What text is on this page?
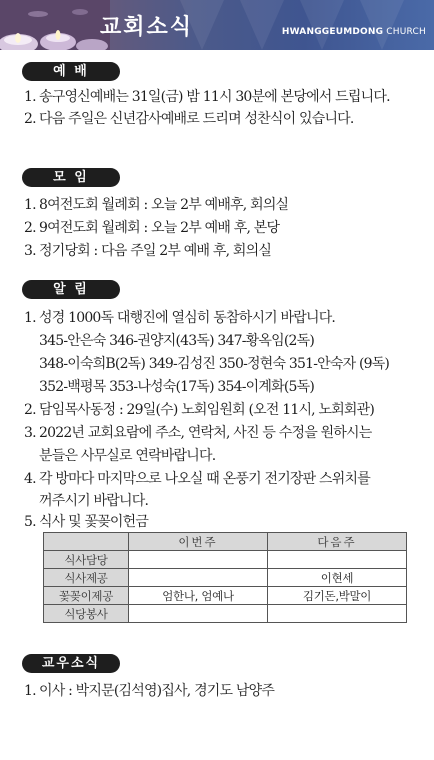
교회소식	HWANGGEUMDONG CHURCH
예 배
1. 송구영신예배는 31일(금) 밤 11시 30분에 본당에서 드립니다.
2. 다음 주일은 신년감사예배로 드리며 성찬식이 있습니다.
모 임
1. 8여전도회 월례회 : 오늘 2부 예배후, 회의실
2. 9여전도회 월례회 : 오늘 2부 예배 후, 본당
3. 정기당회 : 다음 주일 2부 예배 후, 회의실
알 림
1. 성경 1000독 대행진에 열심히 동참하시기 바랍니다.
345-안은숙 346-권양지(43독) 347-황옥임(2독)
348-이숙희B(2독) 349-김성진 350-정현숙 351-안숙자 (9독)
352-백평목 353-나성숙(17독) 354-이계화(5독)
2. 담임목사동정 : 29일(수) 노회임원회 (오전 11시, 노회회관)
3. 2022년 교회요람에 주소, 연락처, 사진 등 수정을 원하시는
분들은 사무실로 연락바랍니다.
4. 각 방마다 마지막으로 나오실 때 온풍기 전기장판 스위치를
꺼주시기 바랍니다.
5. 식사 및 꽃꽂이헌금
	이번주	다음주
식사담당		
식사제공		이현세
꽃꽂이제공	엄한나, 엄예나	김기돈,박말이
식당봉사		
교우소식
1. 이사 : 박지문(김석영)집사, 경기도 남양주
